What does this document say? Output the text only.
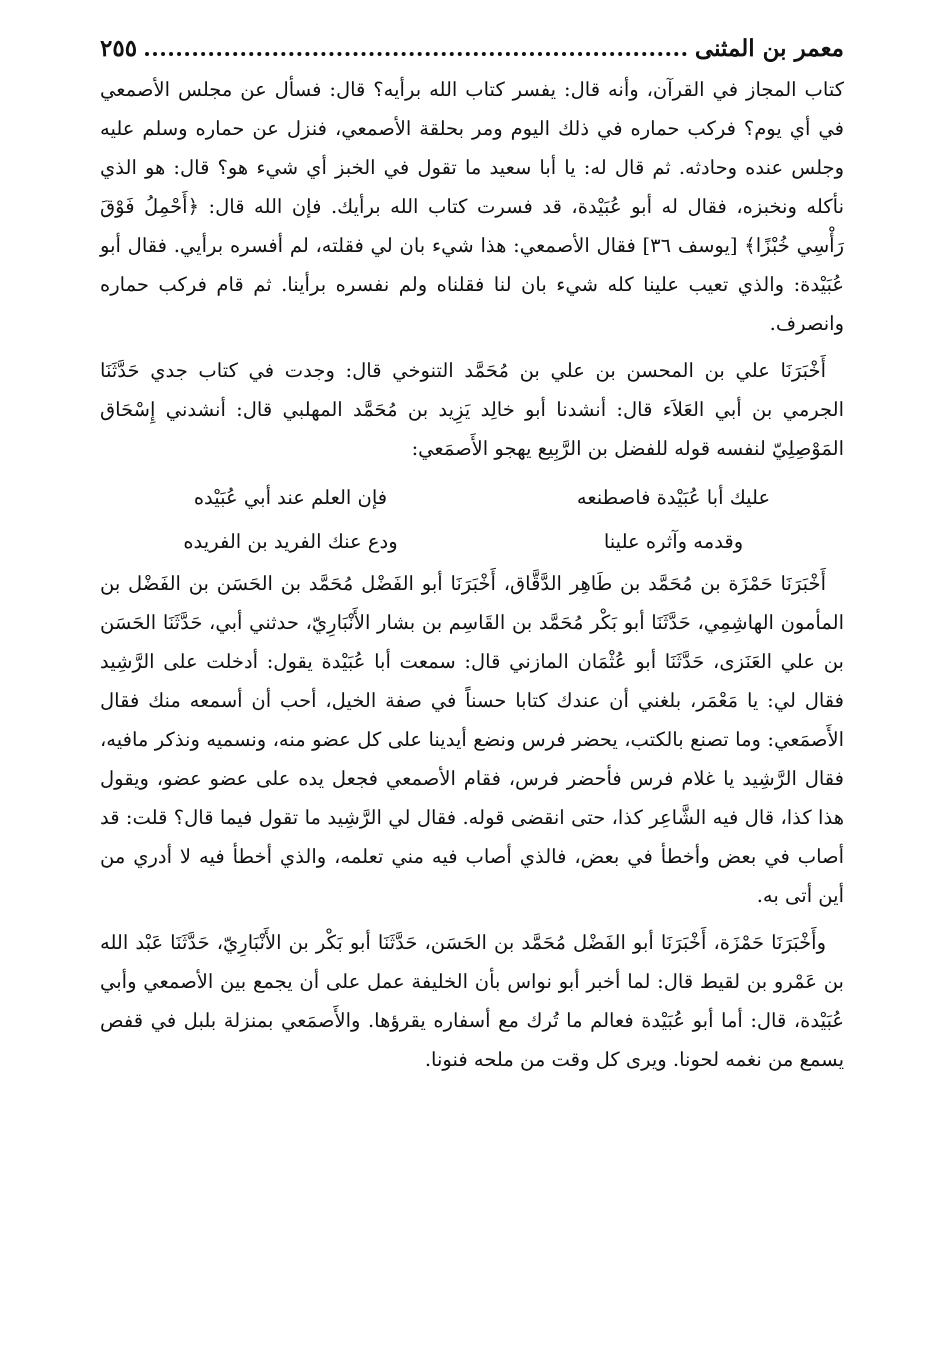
معمر بن المثنى
٢٥٥

كتاب المجاز في القرآن، وأنه قال: يفسر كتاب الله برأيه؟ قال: فسأل عن مجلس الأصمعي في أي يوم؟ فركب حماره في ذلك اليوم ومر بحلقة الأصمعي، فنزل عن حماره وسلم عليه وجلس عنده وحادثه. ثم قال له: يا أبا سعيد ما تقول في الخبز أي شيء هو؟ قال: هو الذي نأكله ونخبزه، فقال له أبو عُبَيْدة، قد فسرت كتاب الله برأيك. فإن الله قال: ﴿أَحْمِلُ فَوْقَ رَأْسِي خُبْزًا﴾ [يوسف ٣٦] فقال الأصمعي: هذا شيء بان لي فقلته، لم أفسره برأيي. فقال أبو عُبَيْدة: والذي تعيب علينا كله شيء بان لنا فقلناه ولم نفسره برأينا. ثم قام فركب حماره وانصرف.

أَخْبَرَنَا علي بن المحسن بن علي بن مُحَمَّد التنوخي قال: وجدت في كتاب جدي حَدَّثَنَا الجرمي بن أبي العَلاَء قال: أنشدنا أبو خالِد يَزِيد بن مُحَمَّد المهلبي قال: أنشدني إِسْحَاق المَوْصِلِيّ لنفسه قوله للفضل بن الرَّبِيع يهجو الأَصمَعي:

عليك أبا عُبَيْدة فاصطنعه
فإن العلم عند أبي عُبَيْده
وقدمه وآثره علينا
ودع عنك الفريد بن الفريده

أَخْبَرَنَا حَمْزَة بن مُحَمَّد بن طَاهِر الدَّقَّاق، أَخْبَرَنَا أبو الفَضْل مُحَمَّد بن الحَسَن بن الفَضْل بن المأمون الهاشِمِي، حَدَّثَنَا أبو بَكْر مُحَمَّد بن القَاسِم بن بشار الأَنْبَارِيّ، حدثني أبي، حَدَّثَنَا الحَسَن بن علي العَنَزى، حَدَّثَنَا أبو عُثْمَان المازني قال: سمعت أبا عُبَيْدة يقول: أدخلت على الرَّشِيد فقال لي: يا مَعْمَر، بلغني أن عندك كتابا حسناً في صفة الخيل، أحب أن أسمعه منك فقال الأَصمَعي: وما تصنع بالكتب، يحضر فرس ونضع أيدينا على كل عضو منه، ونسميه ونذكر مافيه، فقال الرَّشِيد يا غلام فرس فأحضر فرس، فقام الأصمعي فجعل يده على عضو عضو، ويقول هذا كذا، قال فيه الشَّاعِر كذا، حتى انقضى قوله. فقال لي الرَّشِيد ما تقول فيما قال؟ قلت: قد أصاب في بعض وأخطأ في بعض، فالذي أصاب فيه مني تعلمه، والذي أخطأ فيه لا أدري من أين أتى به.

وأَخْبَرَنَا حَمْزَة، أَخْبَرَنَا أبو الفَضْل مُحَمَّد بن الحَسَن، حَدَّثَنَا أبو بَكْر بن الأَنْبَارِيّ، حَدَّثَنَا عَبْد الله بن عَمْرو بن لقيط قال: لما أخبر أبو نواس بأن الخليفة عمل على أن يجمع بين الأصمعي وأبي عُبَيْدة، قال: أما أبو عُبَيْدة فعالم ما تُرك مع أسفاره يقرؤها. والأَصمَعي بمنزلة بلبل في قفص يسمع من نغمه لحونا. ويرى كل وقت من ملحه فنونا.
